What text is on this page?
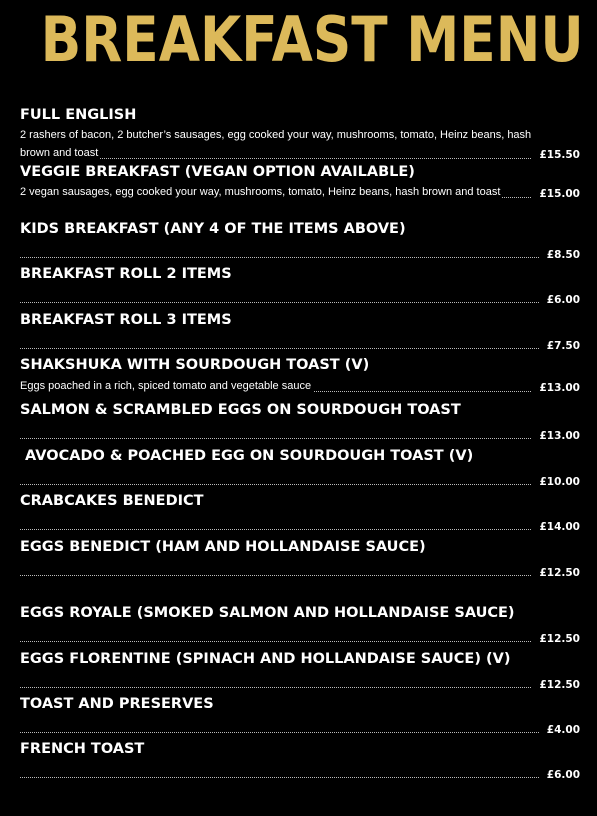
BREAKFAST MENU
FULL ENGLISH
2 rashers of bacon, 2 butcher’s sausages, egg cooked your way, mushrooms, tomato, Heinz beans, hash brown and toast	£15.50
VEGGIE BREAKFAST (VEGAN OPTION AVAILABLE)
2 vegan sausages, egg cooked your way, mushrooms, tomato, Heinz beans, hash brown and toast	£15.00
KIDS BREAKFAST (ANY 4 OF THE ITEMS ABOVE)
£8.50
BREAKFAST ROLL 2 ITEMS
£6.00
BREAKFAST ROLL 3 ITEMS
£7.50
SHAKSHUKA WITH SOURDOUGH TOAST (V)
Eggs poached in a rich, spiced tomato and vegetable sauce	£13.00
SALMON & SCRAMBLED EGGS ON SOURDOUGH TOAST
£13.00
AVOCADO & POACHED EGG ON SOURDOUGH TOAST (V)
£10.00
CRABCAKES BENEDICT
£14.00
EGGS BENEDICT (HAM AND HOLLANDAISE SAUCE)
£12.50
EGGS ROYALE (SMOKED SALMON AND HOLLANDAISE SAUCE)
£12.50
EGGS FLORENTINE (SPINACH AND HOLLANDAISE SAUCE) (V)
£12.50
TOAST AND PRESERVES
£4.00
FRENCH TOAST
£6.00
